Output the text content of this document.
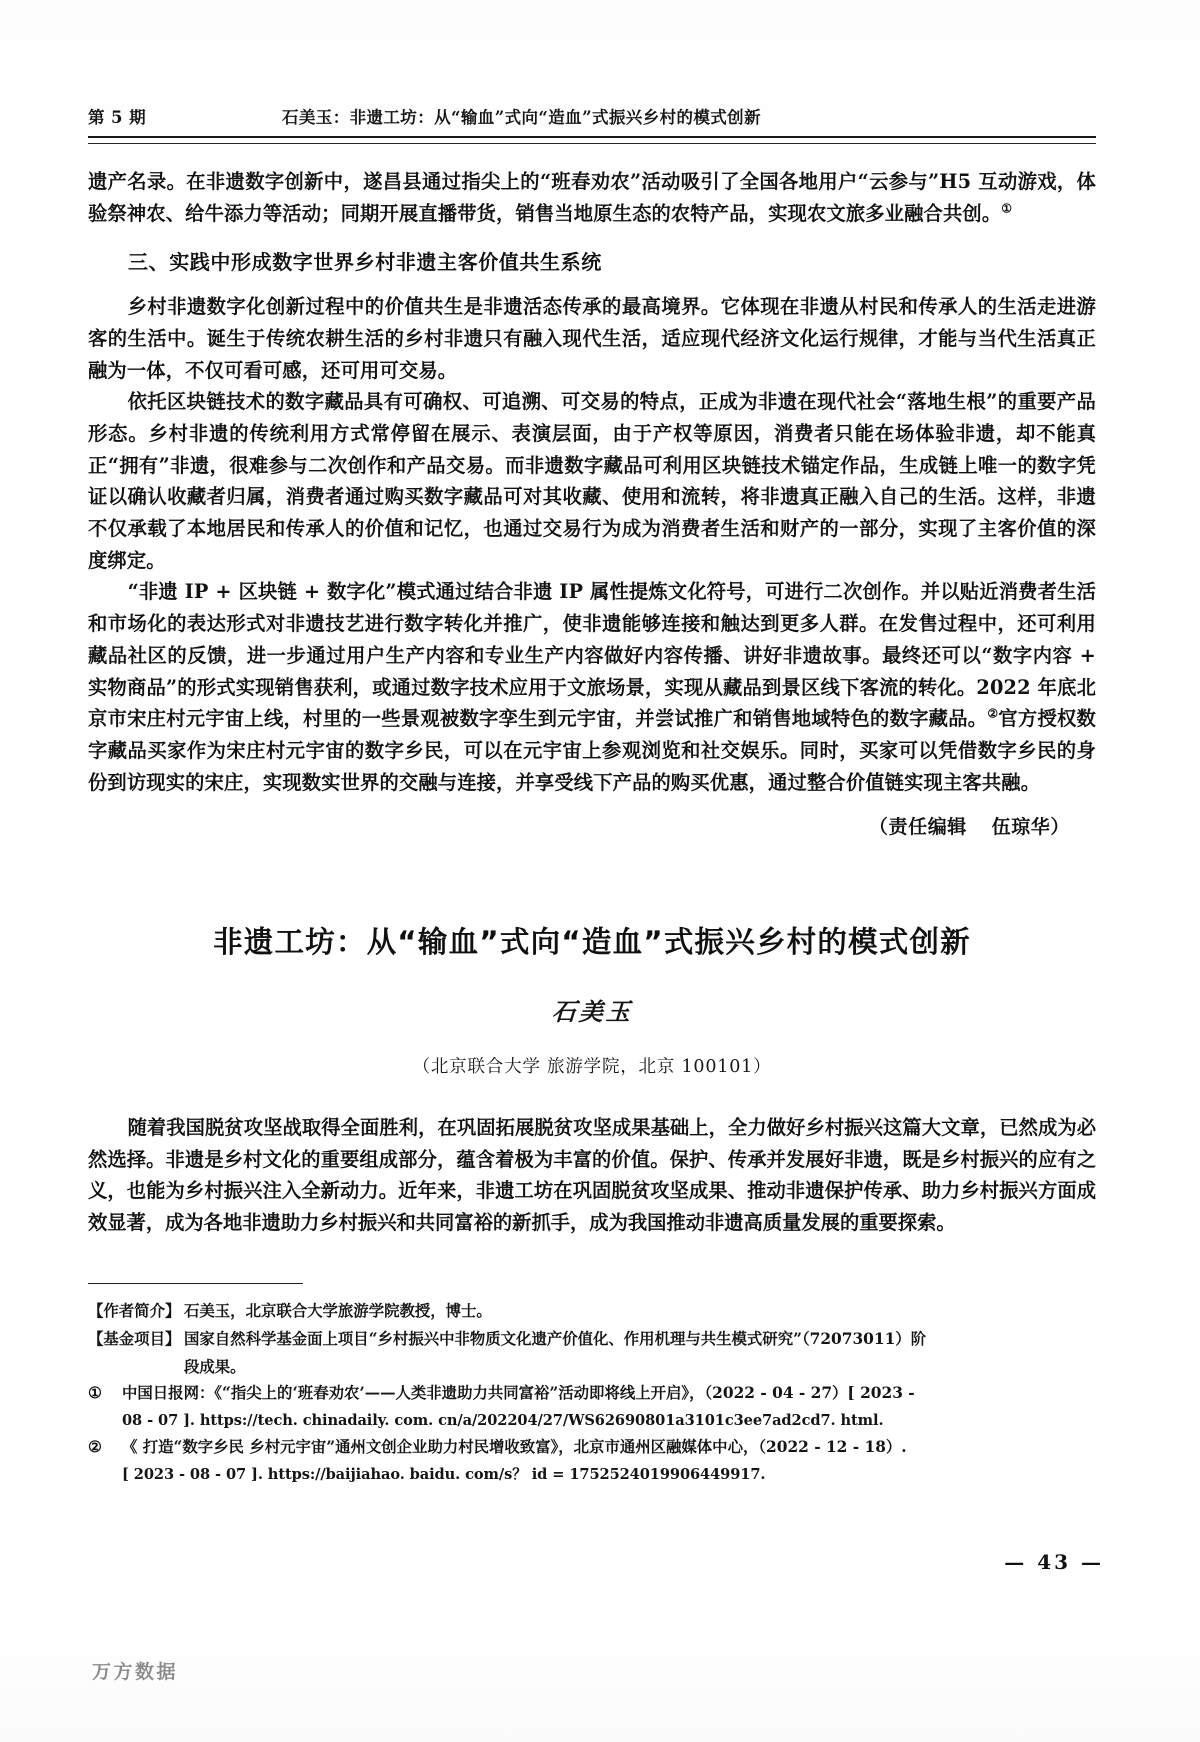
第 5 期	石美玉：非遗工坊：从“输血”式向“造血”式振兴乡村的模式创新

遗产名录。在非遗数字创新中，遂昌县通过指尖上的“班春劝农”活动吸引了全国各地用户“云参与”H5 互动游戏，体验祭神农、给牛添力等活动；同期开展直播带货，销售当地原生态的农特产品，实现农文旅多业融合共创。①

三、实践中形成数字世界乡村非遗主客价值共生系统

乡村非遗数字化创新过程中的价值共生是非遗活态传承的最高境界。它体现在非遗从村民和传承人的生活走进游客的生活中。诞生于传统农耕生活的乡村非遗只有融入现代生活，适应现代经济文化运行规律，才能与当代生活真正融为一体，不仅可看可感，还可用可交易。

依托区块链技术的数字藏品具有可确权、可追溯、可交易的特点，正成为非遗在现代社会“落地生根”的重要产品形态。乡村非遗的传统利用方式常停留在展示、表演层面，由于产权等原因，消费者只能在场体验非遗，却不能真正“拥有”非遗，很难参与二次创作和产品交易。而非遗数字藏品可利用区块链技术锚定作品，生成链上唯一的数字凭证以确认收藏者归属，消费者通过购买数字藏品可对其收藏、使用和流转，将非遗真正融入自己的生活。这样，非遗不仅承载了本地居民和传承人的价值和记忆，也通过交易行为成为消费者生活和财产的一部分，实现了主客价值的深度绑定。

“非遗 IP + 区块链 + 数字化”模式通过结合非遗 IP 属性提炼文化符号，可进行二次创作。并以贴近消费者生活和市场化的表达形式对非遗技艺进行数字转化并推广，使非遗能够连接和触达到更多人群。在发售过程中，还可利用藏品社区的反馈，进一步通过用户生产内容和专业生产内容做好内容传播、讲好非遗故事。最终还可以“数字内容 + 实物商品”的形式实现销售获利，或通过数字技术应用于文旅场景，实现从藏品到景区线下客流的转化。2022 年底北京市宋庄村元宇宙上线，村里的一些景观被数字孪生到元宇宙，并尝试推广和销售地域特色的数字藏品。②官方授权数字藏品买家作为宋庄村元宇宙的数字乡民，可以在元宇宙上参观浏览和社交娱乐。同时，买家可以凭借数字乡民的身份到访现实的宋庄，实现数实世界的交融与连接，并享受线下产品的购买优惠，通过整合价值链实现主客共融。

（责任编辑 伍琼华）
非遗工坊：从“输血”式向“造血”式振兴乡村的模式创新
石美玉
（北京联合大学 旅游学院，北京 100101）
随着我国脱贫攻坚战取得全面胜利，在巩固拓展脱贫攻坚成果基础上，全力做好乡村振兴这篇大文章，已然成为必然选择。非遗是乡村文化的重要组成部分，蕴含着极为丰富的价值。保护、传承并发展好非遗，既是乡村振兴的应有之义，也能为乡村振兴注入全新动力。近年来，非遗工坊在巩固脱贫攻坚成果、推动非遗保护传承、助力乡村振兴方面成效显著，成为各地非遗助力乡村振兴和共同富裕的新抓手，成为我国推动非遗高质量发展的重要探索。
【作者简介】 石美玉，北京联合大学旅游学院教授，博士。
【基金项目】 国家自然科学基金面上项目“乡村振兴中非物质文化遗产价值化、作用机理与共生模式研究”（72073011）阶
段成果。
①	中国日报网：《“指尖上的‘班春劝农’——人类非遗助力共同富裕”活动即将线上开启》，（2022 - 04 - 27）[ 2023 -
08 - 07 ]. https://tech. chinadaily. com. cn/a/202204/27/WS62690801a3101c3ee7ad2cd7. html.
②	《 打造“数字乡民 乡村元宇宙”通州文创企业助力村民增收致富》，北京市通州区融媒体中心，（2022 - 12 - 18）.
[ 2023 - 08 - 07 ]. https://baijiahao. baidu. com/s？ id = 1752524019906449917.
— 43 —
万方数据
